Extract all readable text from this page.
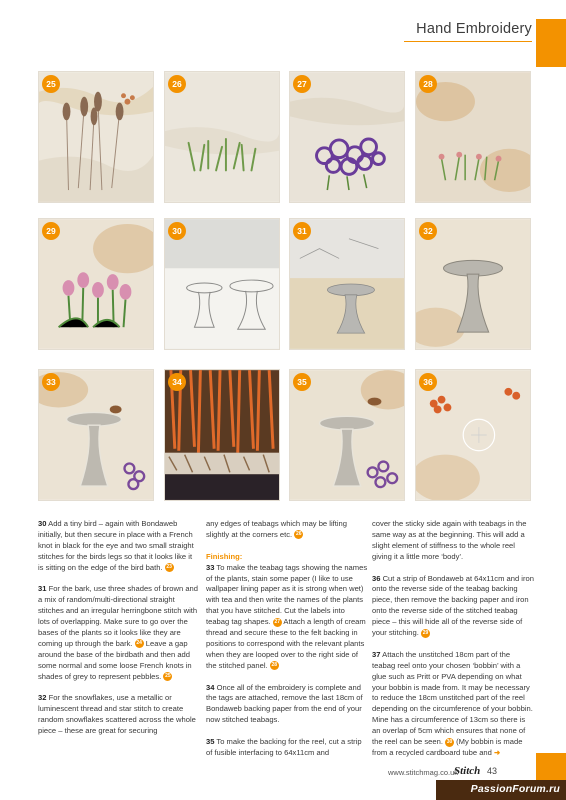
Hand Embroidery
25	26	27	28
29	30	31	32
33	34	35	36

30 Add a tiny bird – again with Bondaweb initially, but then secure in place with a French knot in black for the eye and two small straight stitches for the birds legs so that it looks like it is sitting on the edge of the bird bath. 23

31 For the bark, use three shades of brown and a mix of random/multi-directional straight stitches and an irregular herringbone stitch with lots of overlapping. Make sure to go over the bases of the plants so it looks like they are coming up through the bark. 24 Leave a gap around the base of the birdbath and then add some normal and some loose French knots in shades of grey to represent pebbles. 25

32 For the snowflakes, use a metallic or luminescent thread and star stitch to create random snowflakes scattered across the whole piece – these are great for securing

any edges of teabags which may be lifting slightly at the corners etc. 26

Finishing:

33 To make the teabag tags showing the names of the plants, stain some paper (I like to use wallpaper lining paper as it is strong when wet) with tea and then write the names of the plants that you have stitched. Cut the labels into teabag tag shapes. 27 Attach a length of cream thread and secure these to the felt backing in positions to correspond with the relevant plants when they are looped over to the right side of the stitched panel. 28

34 Once all of the embroidery is complete and the tags are attached, remove the last 18cm of Bondaweb backing paper from the end of your now stitched teabags.

35 To make the backing for the reel, cut a strip of fusible interfacing to 64x11cm and

cover the sticky side again with teabags in the same way as at the beginning. This will add a slight element of stiffness to the whole reel giving it a little more ‘body’.

36 Cut a strip of Bondaweb at 64x11cm and iron onto the reverse side of the teabag backing piece, then remove the backing paper and iron onto the reverse side of the stitched teabag piece – this will hide all of the reverse side of your stitching. 29

37 Attach the unstitched 18cm part of the teabag reel onto your chosen ‘bobbin’ with a glue such as Pritt or PVA depending on what your bobbin is made from. It may be necessary to reduce the 18cm unstitched part of the reel depending on the circumference of your bobbin. Mine has a circumference of 13cm so there is an overlap of 5cm which ensures that none of the reel can be seen. 30 (My bobbin is made from a recycled cardboard tube and ➜

www.stitchmag.co.uk
Stitch 43
PassionForum.ru
